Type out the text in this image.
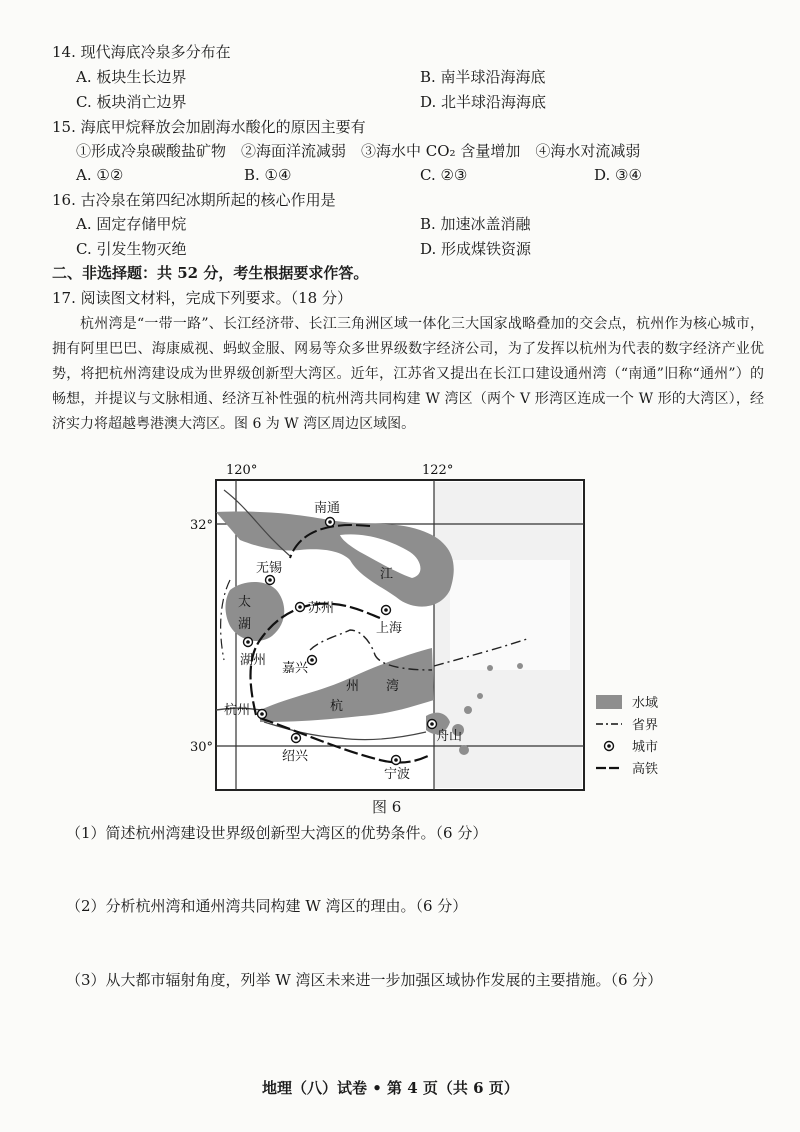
14. 现代海底冷泉多分布在
A. 板块生长边界	B. 南半球沿海海底
C. 板块消亡边界	D. 北半球沿海海底
15. 海底甲烷释放会加剧海水酸化的原因主要有
①形成冷泉碳酸盐矿物　②海面洋流减弱　③海水中 CO₂ 含量增加　④海水对流减弱
A. ①②	B. ①④	C. ②③	D. ③④
16. 古冷泉在第四纪冰期所起的核心作用是
A. 固定存储甲烷	B. 加速冰盖消融
C. 引发生物灭绝	D. 形成煤铁资源
二、非选择题：共 52 分，考生根据要求作答。
17. 阅读图文材料，完成下列要求。（18 分）
杭州湾是“一带一路”、长江经济带、长江三角洲区域一体化三大国家战略叠加的交会点，杭州作为核心城市，拥有阿里巴巴、海康威视、蚂蚁金服、网易等众多世界级数字经济公司，为了发挥以杭州为代表的数字经济产业优势，将把杭州湾建设成为世界级创新型大湾区。近年，江苏省又提出在长江口建设通州湾（“南通”旧称“通州”）的畅想，并提议与文脉相通、经济互补性强的杭州湾共同构建 W 湾区（两个 V 形湾区连成一个 W 形的大湾区），经济实力将超越粤港澳大湾区。图 6 为 W 湾区周边区域图。
120°	122°
32°
30°
南通
无锡
苏州
上海
湖州
嘉兴
杭州
绍兴
宁波
舟山
太
湖
江
湾
杭
州
水域
省界
城市
高铁
图 6
（1）简述杭州湾建设世界级创新型大湾区的优势条件。（6 分）
（2）分析杭州湾和通州湾共同构建 W 湾区的理由。（6 分）
（3）从大都市辐射角度，列举 W 湾区未来进一步加强区域协作发展的主要措施。（6 分）
地理（八）试卷 • 第 4 页（共 6 页）
